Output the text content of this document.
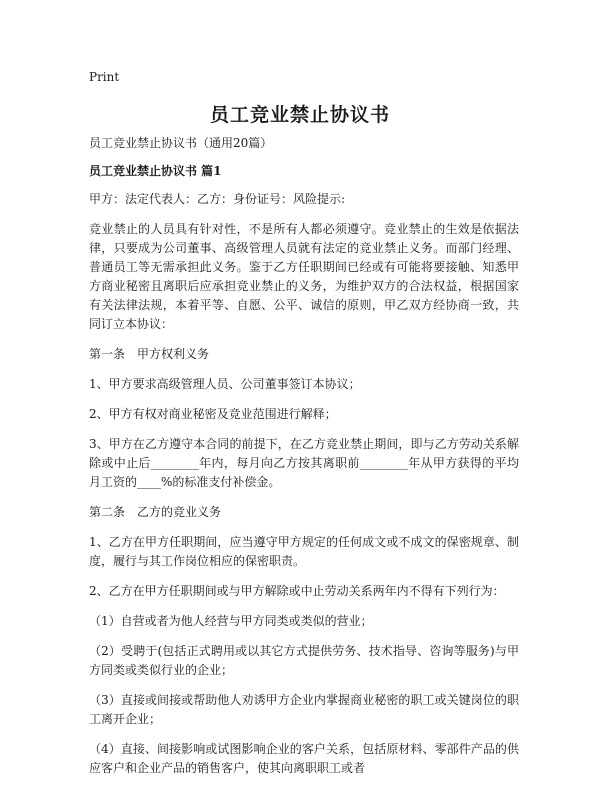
Print
员工竞业禁止协议书

员工竞业禁止协议书（通用20篇）

员工竞业禁止协议书 篇1

甲方：法定代表人：乙方：身份证号：风险提示:

竞业禁止的人员具有针对性，不是所有人都必须遵守。竞业禁止的生效是依据法律，只要成为公司董事、高级管理人员就有法定的竞业禁止义务。而部门经理、普通员工等无需承担此义务。鉴于乙方任职期间已经或有可能将要接触、知悉甲方商业秘密且离职后应承担竞业禁止的义务，为维护双方的合法权益，根据国家有关法律法规，本着平等、自愿、公平、诚信的原则，甲乙双方经协商一致，共同订立本协议：

第一条　甲方权利义务

1、甲方要求高级管理人员、公司董事签订本协议；

2、甲方有权对商业秘密及竞业范围进行解释；

3、甲方在乙方遵守本合同的前提下，在乙方竞业禁止期间，即与乙方劳动关系解除或中止后________年内，每月向乙方按其离职前________年从甲方获得的平均月工资的____%的标准支付补偿金。

第二条　乙方的竞业义务

1、乙方在甲方任职期间，应当遵守甲方规定的任何成文或不成文的保密规章、制度，履行与其工作岗位相应的保密职责。

2、乙方在甲方任职期间或与甲方解除或中止劳动关系两年内不得有下列行为：

（1）自营或者为他人经营与甲方同类或类似的营业；

（2）受聘于(包括正式聘用或以其它方式提供劳务、技术指导、咨询等服务)与甲方同类或类似行业的企业；

（3）直接或间接或帮助他人劝诱甲方企业内掌握商业秘密的职工或关键岗位的职工离开企业；

（4）直接、间接影响或试图影响企业的客户关系，包括原材料、零部件产品的供应客户和企业产品的销售客户，使其向离职职工或者
